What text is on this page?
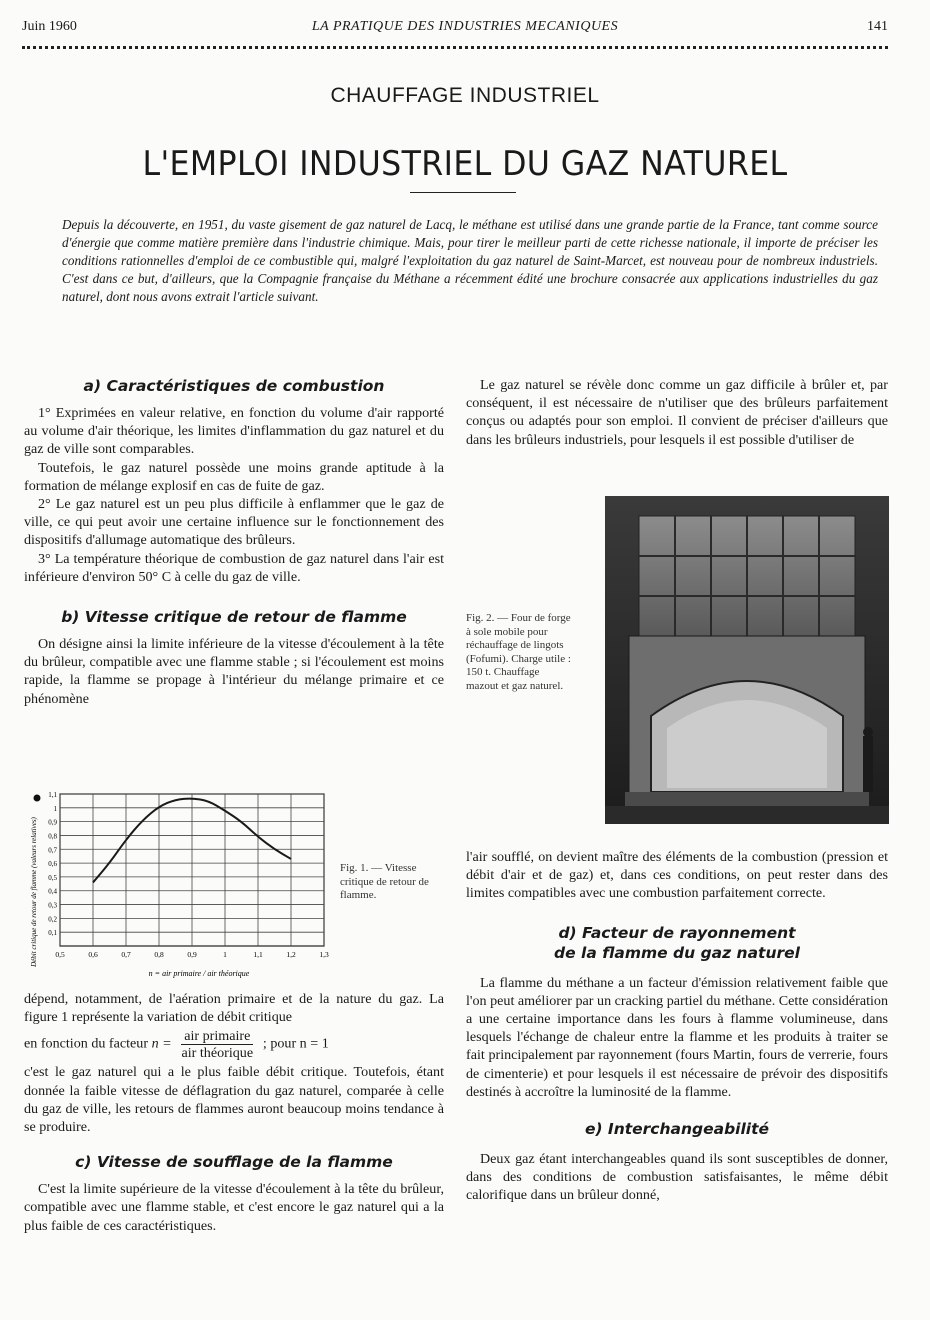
Juin 1960	LA PRATIQUE DES INDUSTRIES MECANIQUES	141
CHAUFFAGE INDUSTRIEL
L'EMPLOI INDUSTRIEL DU GAZ NATUREL
Depuis la découverte, en 1951, du vaste gisement de gaz naturel de Lacq, le méthane est utilisé dans une grande partie de la France, tant comme source d'énergie que comme matière première dans l'industrie chimique. Mais, pour tirer le meilleur parti de cette richesse nationale, il importe de préciser les conditions rationnelles d'emploi de ce combustible qui, malgré l'exploitation du gaz naturel de Saint-Marcet, est nouveau pour de nombreux industriels. C'est dans ce but, d'ailleurs, que la Compagnie française du Méthane a récemment édité une brochure consacrée aux applications industrielles du gaz naturel, dont nous avons extrait l'article suivant.
a) Caractéristiques de combustion

1° Exprimées en valeur relative, en fonction du volume d'air rapporté au volume d'air théorique, les limites d'inflammation du gaz naturel et du gaz de ville sont comparables.

Toutefois, le gaz naturel possède une moins grande aptitude à la formation de mélange explosif en cas de fuite de gaz.

2° Le gaz naturel est un peu plus difficile à enflammer que le gaz de ville, ce qui peut avoir une certaine influence sur le fonctionnement des dispositifs d'allumage automatique des brûleurs.

3° La température théorique de combustion de gaz naturel dans l'air est inférieure d'environ 50° C à celle du gaz de ville.

b) Vitesse critique de retour de flamme

On désigne ainsi la limite inférieure de la vitesse d'écoulement à la tête du brûleur, compatible avec une flamme stable ; si l'écoulement est moins rapide, la flamme se propage à l'intérieur du mélange primaire et ce phénomène

0,5	0,6	0,7	0,8	0,9	1	1,1	1,2	1,3
0,1
0,2
0,3
0,4
0,5
0,6
0,7
0,8
0,9
1
1,1
Débit critique de retour de flamme (valeurs relatives)
n = air primaire / air théorique
Fig. 1. — Vitesse critique de retour de flamme.

dépend, notamment, de l'aération primaire et de la nature du gaz. La figure 1 représente la variation de débit critique

en fonction du facteur $n = \frac{\text{air primaire}}{\text{air théorique}}$ ; pour n = 1

c'est le gaz naturel qui a le plus faible débit critique. Toutefois, étant donnée la faible vitesse de déflagration du gaz naturel, comparée à celle du gaz de ville, les retours de flammes auront beaucoup moins tendance à se produire.

c) Vitesse de soufflage de la flamme

C'est la limite supérieure de la vitesse d'écoulement à la tête du brûleur, compatible avec une flamme stable, et c'est encore le gaz naturel qui a la plus faible de ces caractéristiques.

Le gaz naturel se révèle donc comme un gaz difficile à brûler et, par conséquent, il est nécessaire de n'utiliser que des brûleurs parfaitement conçus ou adaptés pour son emploi. Il convient de préciser d'ailleurs que dans les brûleurs industriels, pour lesquels il est possible d'utiliser de

Fig. 2. — Four de forge à sole mobile pour réchauffage de lingots (Fofumi). Charge utile : 150 t. Chauffage mazout et gaz naturel.

l'air soufflé, on devient maître des éléments de la combustion (pression et débit d'air et de gaz) et, dans ces conditions, on peut rester dans des limites compatibles avec une combustion parfaitement correcte.

d) Facteur de rayonnement
de la flamme du gaz naturel

La flamme du méthane a un facteur d'émission relativement faible que l'on peut améliorer par un cracking partiel du méthane. Cette considération a une certaine importance dans les fours à flamme volumineuse, dans lesquels l'échange de chaleur entre la flamme et les produits à traiter se fait principalement par rayonnement (fours Martin, fours de verrerie, fours de cimenterie) et pour lesquels il est nécessaire de prévoir des dispositifs destinés à accroître la luminosité de la flamme.

e) Interchangeabilité

Deux gaz étant interchangeables quand ils sont susceptibles de donner, dans des conditions de combustion satisfaisantes, le même débit calorifique dans un brûleur donné,
